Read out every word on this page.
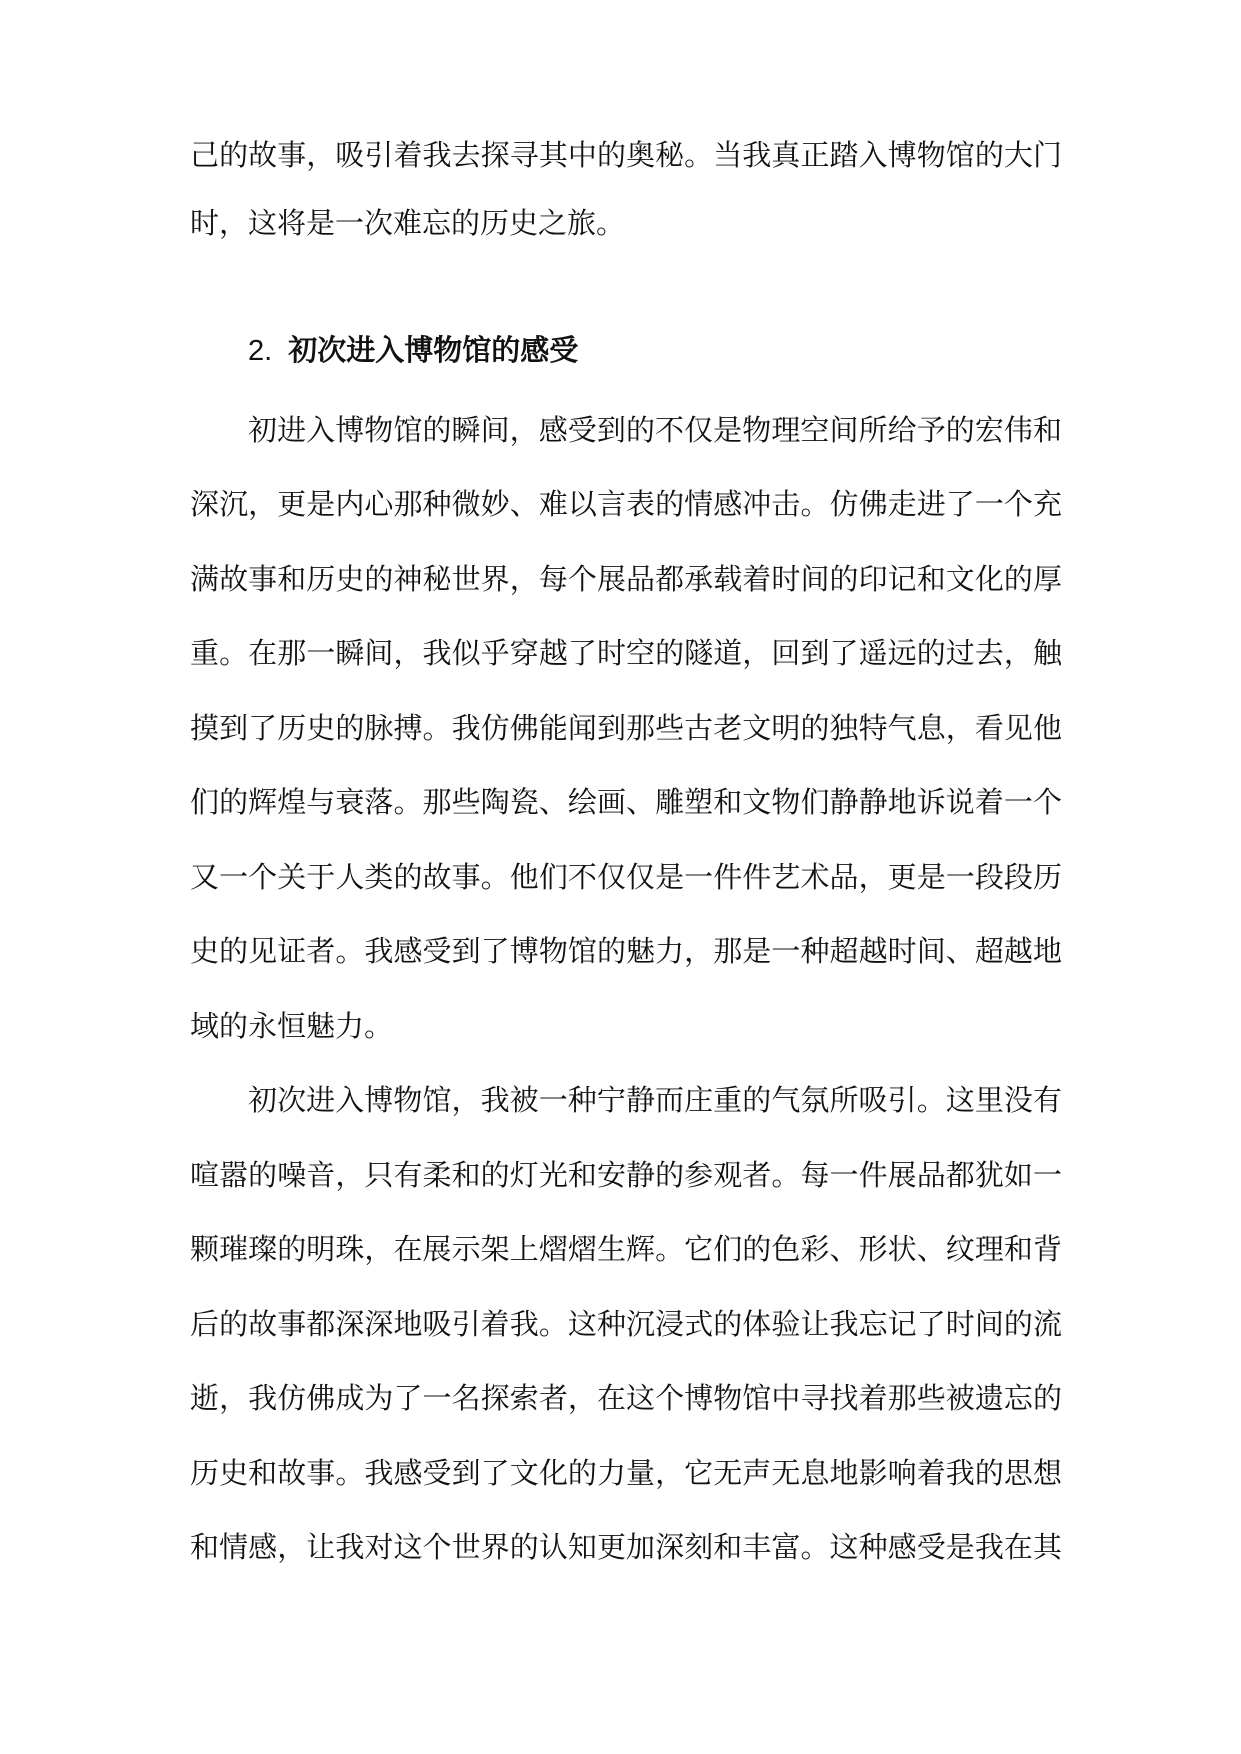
己的故事，吸引着我去探寻其中的奥秘。当我真正踏入博物馆的大门
时，这将是一次难忘的历史之旅。
2. 初次进入博物馆的感受
初进入博物馆的瞬间，感受到的不仅是物理空间所给予的宏伟和
深沉，更是内心那种微妙、难以言表的情感冲击。仿佛走进了一个充
满故事和历史的神秘世界，每个展品都承载着时间的印记和文化的厚
重。在那一瞬间，我似乎穿越了时空的隧道，回到了遥远的过去，触
摸到了历史的脉搏。我仿佛能闻到那些古老文明的独特气息，看见他
们的辉煌与衰落。那些陶瓷、绘画、雕塑和文物们静静地诉说着一个
又一个关于人类的故事。他们不仅仅是一件件艺术品，更是一段段历
史的见证者。我感受到了博物馆的魅力，那是一种超越时间、超越地
域的永恒魅力。
初次进入博物馆，我被一种宁静而庄重的气氛所吸引。这里没有
喧嚣的噪音，只有柔和的灯光和安静的参观者。每一件展品都犹如一
颗璀璨的明珠，在展示架上熠熠生辉。它们的色彩、形状、纹理和背
后的故事都深深地吸引着我。这种沉浸式的体验让我忘记了时间的流
逝，我仿佛成为了一名探索者，在这个博物馆中寻找着那些被遗忘的
历史和故事。我感受到了文化的力量，它无声无息地影响着我的思想
和情感，让我对这个世界的认知更加深刻和丰富。这种感受是我在其
